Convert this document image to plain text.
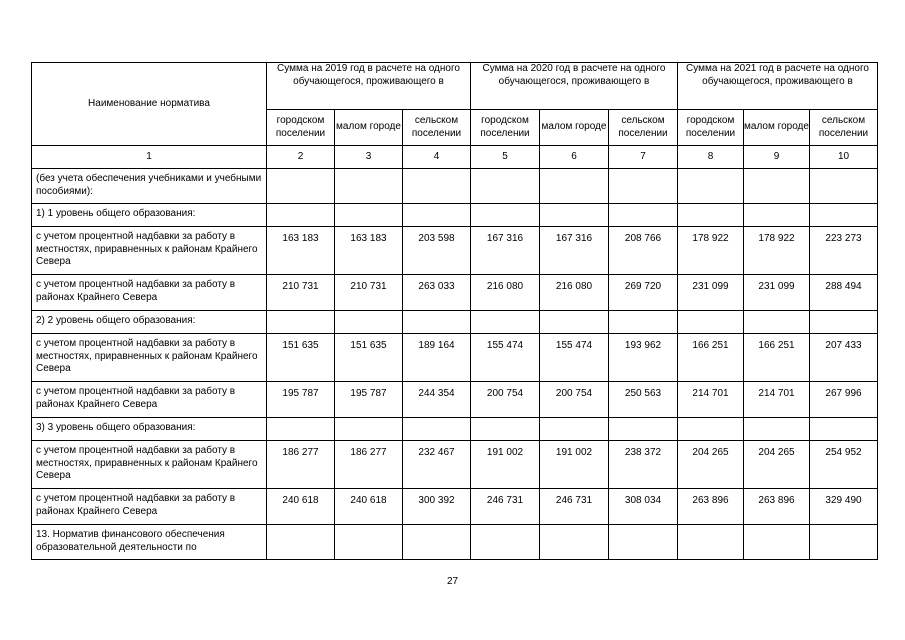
Наименование норматива	Сумма на 2019 год в расчете на одного обучающегося, проживающего в			Сумма на 2020 год в расчете на одного обучающегося, проживающего в			Сумма на 2021 год в расчете на одного обучающегося, проживающего в		
	городском поселении	малом городе	сельском поселении	городском поселении	малом городе	сельском поселении	городском поселении	малом городе	сельском поселении
1	2	3	4	5	6	7	8	9	10
(без учета обеспечения учебниками и учебными пособиями):									
1) 1 уровень общего образования:									
с учетом процентной надбавки за работу в местностях, приравненных к районам Крайнего Севера	163 183	163 183	203 598	167 316	167 316	208 766	178 922	178 922	223 273
с учетом процентной надбавки за работу в районах Крайнего Севера	210 731	210 731	263 033	216 080	216 080	269 720	231 099	231 099	288 494
2) 2 уровень общего образования:									
с учетом процентной надбавки за работу в местностях, приравненных к районам Крайнего Севера	151 635	151 635	189 164	155 474	155 474	193 962	166 251	166 251	207 433
с учетом процентной надбавки за работу в районах Крайнего Севера	195 787	195 787	244 354	200 754	200 754	250 563	214 701	214 701	267 996
3) 3 уровень общего образования:									
с учетом процентной надбавки за работу в местностях, приравненных к районам Крайнего Севера	186 277	186 277	232 467	191 002	191 002	238 372	204 265	204 265	254 952
с учетом процентной надбавки за работу в районах Крайнего Севера	240 618	240 618	300 392	246 731	246 731	308 034	263 896	263 896	329 490
13. Норматив финансового обеспечения образовательной деятельности по									
27
